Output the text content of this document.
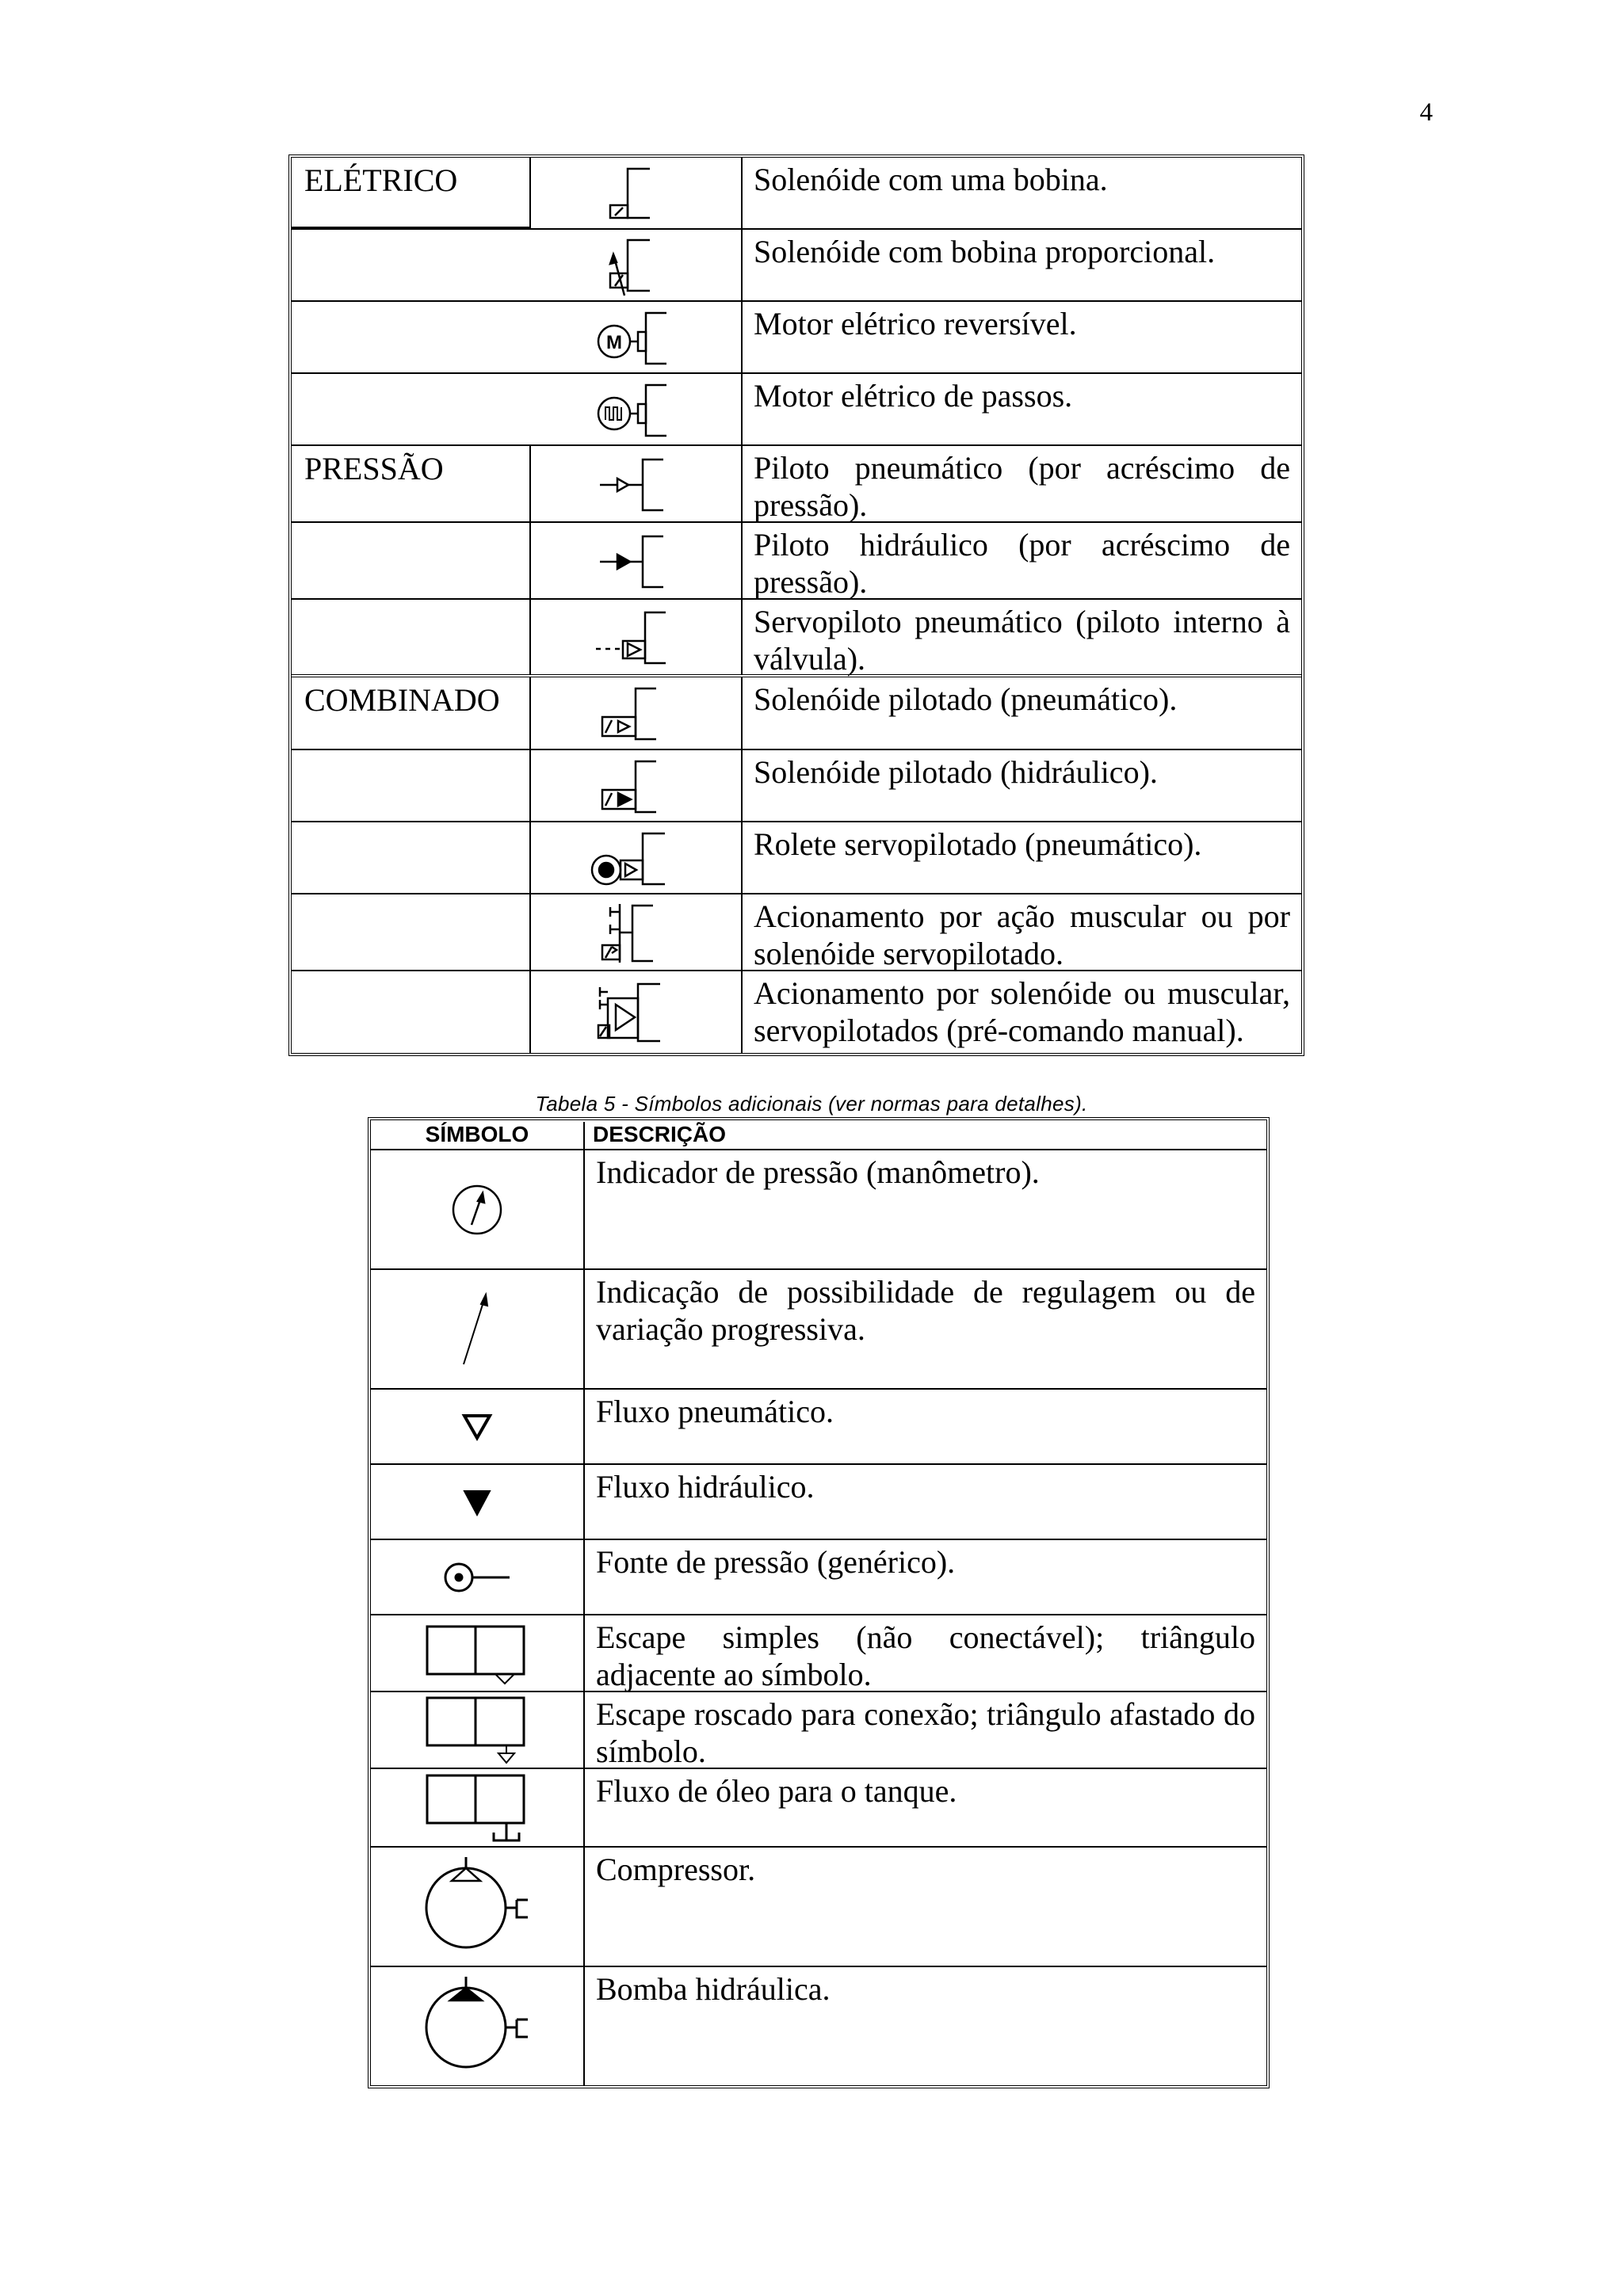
4
ELÉTRICO	Solenóide com uma bobina.
Solenóide com bobina proporcional.
M
Motor elétrico reversível.
Motor elétrico de passos.
PRESSÃO	Piloto pneumático (por acréscimo de pressão).
Piloto hidráulico (por acréscimo de pressão).
Servopiloto pneumático (piloto interno à válvula).
COMBINADO	Solenóide pilotado (pneumático).
Solenóide pilotado (hidráulico).
Rolete servopilotado (pneumático).
Acionamento por ação muscular ou por solenóide servopilotado.
Acionamento por solenóide ou muscular, servopilotados (pré-comando manual).
Tabela 5 - Símbolos adicionais (ver normas para detalhes).
SÍMBOLO	DESCRIÇÃO
Indicador de pressão (manômetro).
Indicação de possibilidade de regulagem ou de variação progressiva.
Fluxo pneumático.
Fluxo hidráulico.
Fonte de pressão (genérico).
Escape simples (não conectável); triângulo adjacente ao símbolo.
Escape roscado para conexão; triângulo afastado do símbolo.
Fluxo de óleo para o tanque.
Compressor.
Bomba hidráulica.
